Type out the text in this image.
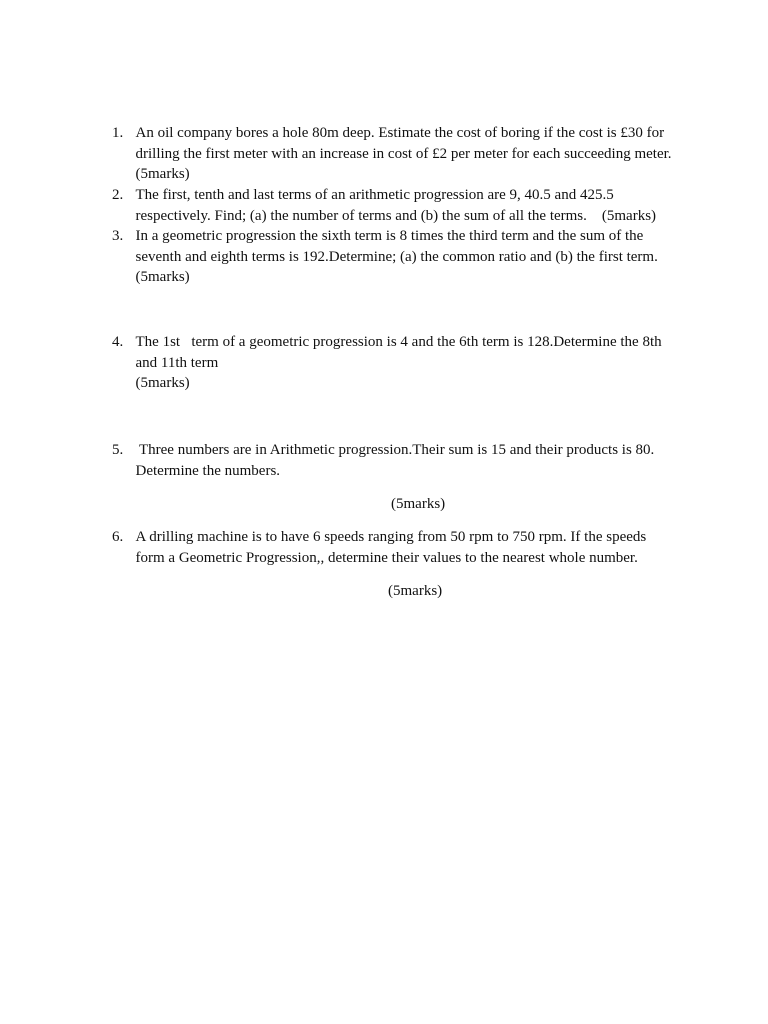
1. An oil company bores a hole 80m deep. Estimate the cost of boring if the cost is £30 for
drilling the first meter with an increase in cost of £2 per meter for each succeeding meter.
(5marks)
2. The first, tenth and last terms of an arithmetic progression are 9, 40.5 and 425.5
respectively. Find; (a) the number of terms and (b) the sum of all the terms.    (5marks)
3. In a geometric progression the sixth term is 8 times the third term and the sum of the
seventh and eighth terms is 192.Determine; (a) the common ratio and (b) the first term.
(5marks)
4. The 1st   term of a geometric progression is 4 and the 6th term is 128.Determine the 8th
and 11th term
(5marks)
5. Three numbers are in Arithmetic progression.Their sum is 15 and their products is 80.
Determine the numbers.
(5marks)
6. A drilling machine is to have 6 speeds ranging from 50 rpm to 750 rpm. If the speeds
form a Geometric Progression,, determine their values to the nearest whole number.
(5marks)
